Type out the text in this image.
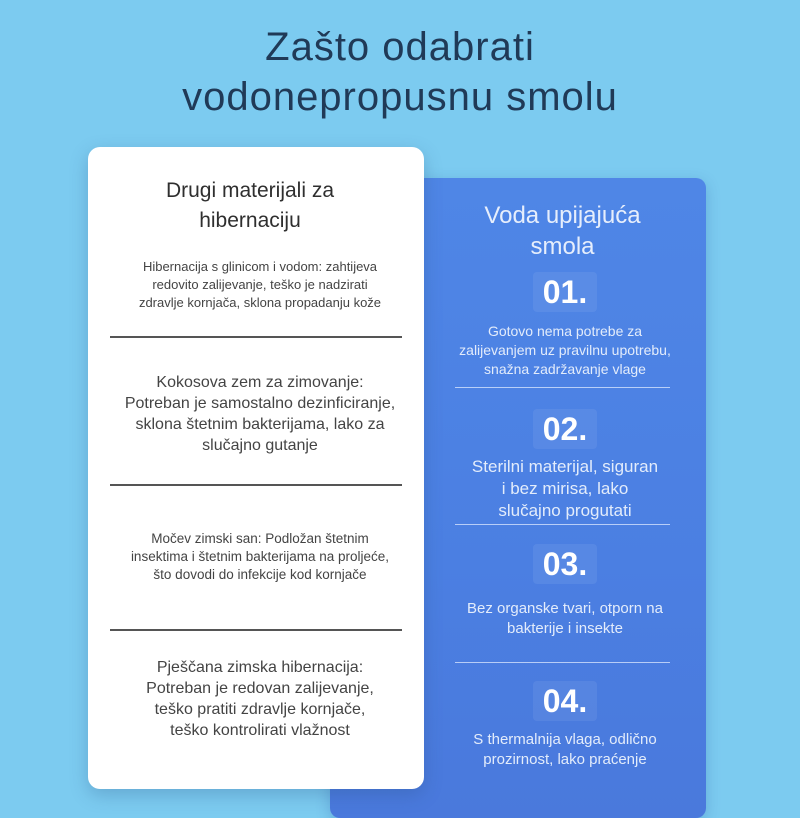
Zašto odabrati
vodonepropusnu smolu
Voda upijajuća
smola
01.
Gotovo nema potrebe za
zalijevanjem uz pravilnu upotrebu,
snažna zadržavanje vlage
02.
Sterilni materijal, siguran
i bez mirisa, lako
slučajno progutati
03.
Bez organske tvari, otporn na
bakterije i insekte
04.
S thermalnija vlaga, odlično
prozirnost, lako praćenje
Drugi materijali za
hibernaciju
Hibernacija s glinicom i vodom: zahtijeva
redovito zalijevanje, teško je nadzirati
zdravlje kornjača, sklona propadanju kože
Kokosova zem za zimovanje:
Potreban je samostalno dezinficiranje,
sklona štetnim bakterijama, lako za
slučajno gutanje
Močev zimski san: Podložan štetnim
insektima i štetnim bakterijama na proljeće,
što dovodi do infekcije kod kornjače
Pješčana zimska hibernacija:
Potreban je redovan zalijevanje,
teško pratiti zdravlje kornjače,
teško kontrolirati vlažnost
